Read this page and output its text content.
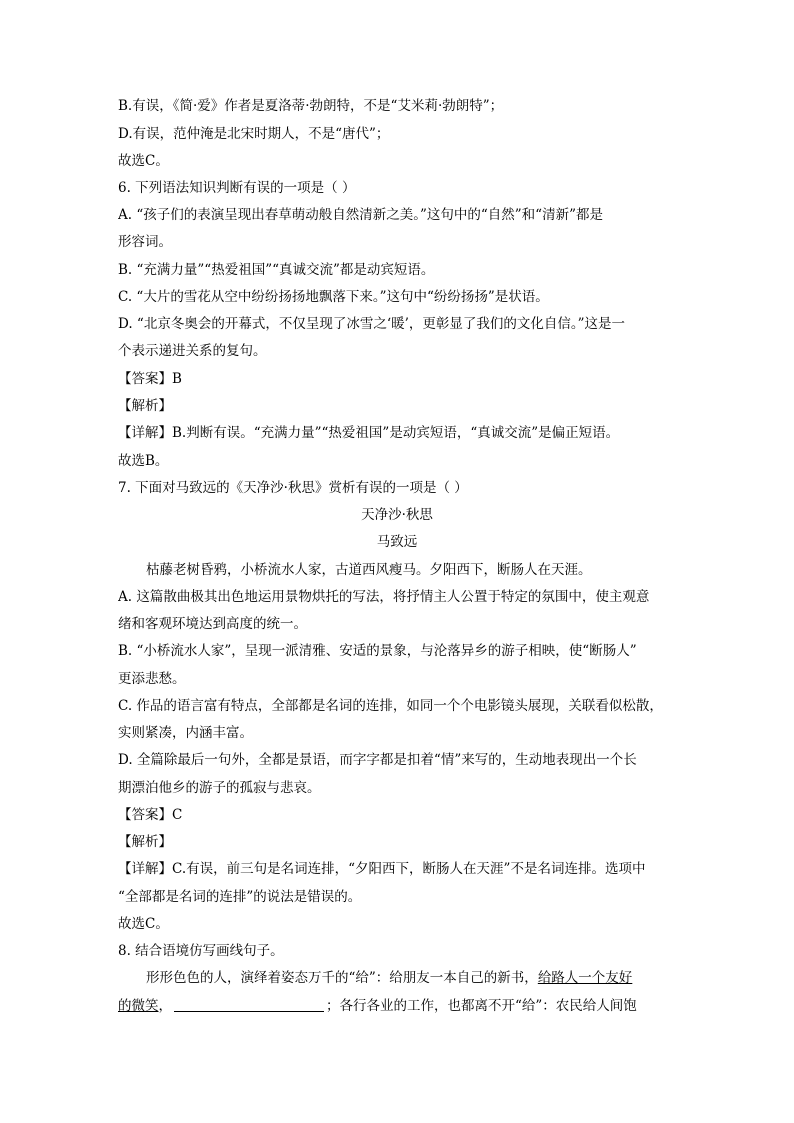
B.有误，《简·爱》作者是夏洛蒂·勃朗特，不是“艾米莉·勃朗特”；
D.有误，范仲淹是北宋时期人，不是“唐代”；
故选C。
6. 下列语法知识判断有误的一项是（ ）
A. “孩子们的表演呈现出春草萌动般自然清新之美。”这句中的“自然”和“清新”都是
形容词。
B. “充满力量”“热爱祖国”“真诚交流”都是动宾短语。
C. “大片的雪花从空中纷纷扬扬地飘落下来。”这句中“纷纷扬扬”是状语。
D. “北京冬奥会的开幕式，不仅呈现了冰雪之‘暖’，更彰显了我们的文化自信。”这是一
个表示递进关系的复句。
【答案】B
【解析】
【详解】B.判断有误。“充满力量”“热爱祖国”是动宾短语，“真诚交流”是偏正短语。
故选B。
7. 下面对马致远的《天净沙·秋思》赏析有误的一项是（ ）
天净沙·秋思
马致远
枯藤老树昏鸦，小桥流水人家，古道西风瘦马。夕阳西下，断肠人在天涯。
A. 这篇散曲极其出色地运用景物烘托的写法，将抒情主人公置于特定的氛围中，使主观意
绪和客观环境达到高度的统一。
B. “小桥流水人家”，呈现一派清雅、安适的景象，与沦落异乡的游子相映，使“断肠人”
更添悲愁。
C. 作品的语言富有特点，全部都是名词的连排，如同一个个电影镜头展现，关联看似松散，
实则紧凑，内涵丰富。
D. 全篇除最后一句外，全都是景语，而字字都是扣着“情”来写的，生动地表现出一个长
期漂泊他乡的游子的孤寂与悲哀。
【答案】C
【解析】
【详解】C.有误，前三句是名词连排，“夕阳西下，断肠人在天涯”不是名词连排。选项中
“全部都是名词的连排”的说法是错误的。
故选C。
8. 结合语境仿写画线句子。
形形色色的人，演绎着姿态万千的“给”：给朋友一本自己的新书，给路人一个友好
的微笑，	；各行各业的工作，也都离不开“给”：农民给人间饱
